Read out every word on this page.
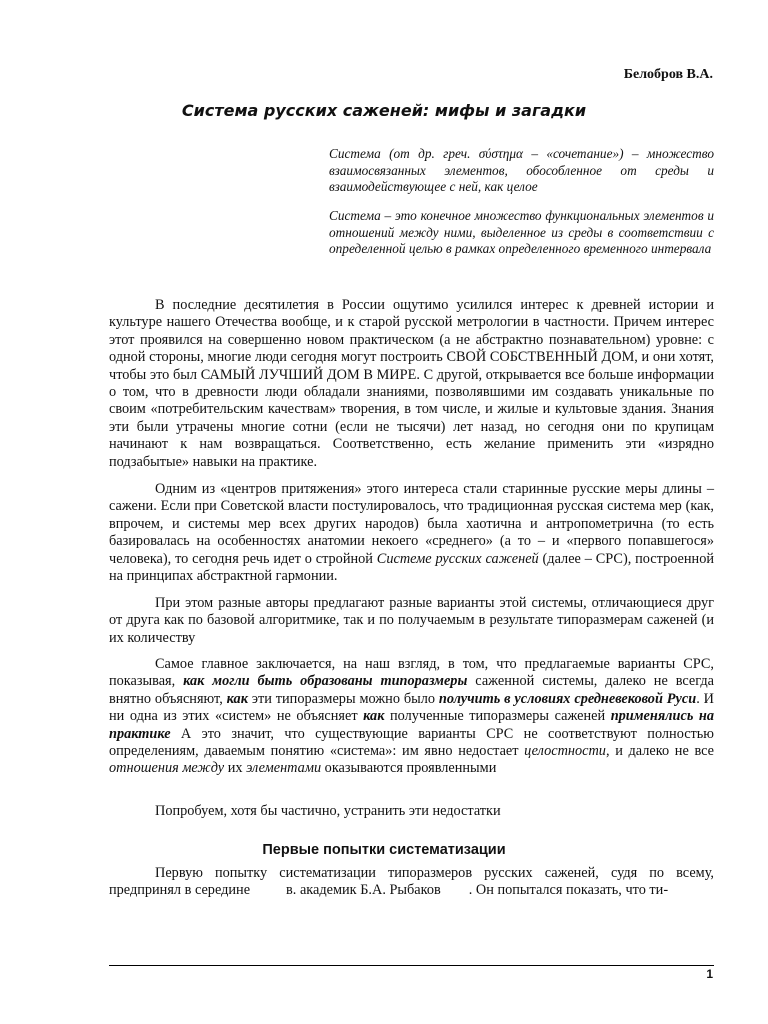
Белобров В.А.
Система русских саженей: мифы и загадки
Система (от др. греч. σύστημα – «сочетание») – множество взаимосвязанных элементов, обособленное от среды и взаимодействующее с ней, как целое
Система – это конечное множество функциональных элементов и отношений между ними, выделенное из среды в соответствии с определенной целью в рамках определенного временного интервала

В последние десятилетия в России ощутимо усилился интерес к древней истории и культуре нашего Отечества вообще, и к старой русской метрологии в частности. Причем интерес этот проявился на совершенно новом практическом (а не абстрактно познавательном) уровне: с одной стороны, многие люди сегодня могут построить СВОЙ СОБСТВЕННЫЙ ДОМ, и они хотят, чтобы это был САМЫЙ ЛУЧШИЙ ДОМ В МИРЕ. С другой, открывается все больше информации о том, что в древности люди обладали знаниями, позволявшими им создавать уникальные по своим «потребительским качествам» творения, в том числе, и жилые и культовые здания. Знания эти были утрачены многие сотни (если не тысячи) лет назад, но сегодня они по крупицам начинают к нам возвращаться. Соответственно, есть желание применить эти «изрядно подзабытые» навыки на практике.

Одним из «центров притяжения» этого интереса стали старинные русские меры длины – сажени. Если при Советской власти постулировалось, что традиционная русская система мер (как, впрочем, и системы мер всех других народов) была хаотична и антропометрична (то есть базировалась на особенностях анатомии некоего «среднего» (а то – и «первого попавшегося» человека), то сегодня речь идет о стройной Системе русских саженей (далее – СРС), построенной на принципах абстрактной гармонии.

При этом разные авторы предлагают разные варианты этой системы, отличающиеся друг от друга как по базовой алгоритмике, так и по получаемым в результате типоразмерам саженей (и их количеству

Самое главное заключается, на наш взгляд, в том, что предлагаемые варианты СРС, показывая, как могли быть образованы типоразмеры саженной системы, далеко не всегда внятно объясняют, как эти типоразмеры можно было получить в условиях средневековой Руси. И ни одна из этих «систем» не объясняет как полученные типоразмеры саженей применялись на практике А это значит, что существующие варианты СРС не соответствуют полностью определениям, даваемым понятию «система»: им явно недостает целостности, и далеко не все отношения между их элементами оказываются проявленными

Попробуем, хотя бы частично, устранить эти недостатки

Первые попытки систематизации

Первую попытку систематизации типоразмеров русских саженей, судя по всему, предпринял в середине	в. академик Б.А. Рыбаков . Он попытался показать, что ти-

1
